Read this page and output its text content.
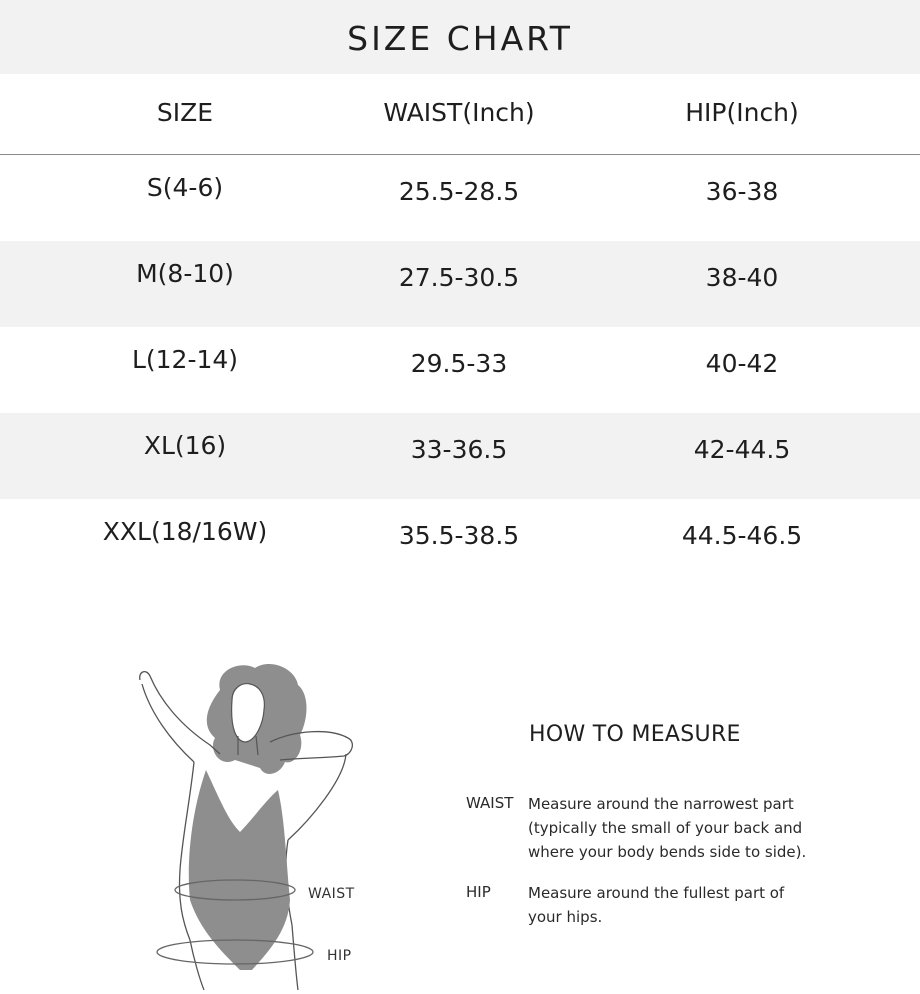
SIZE CHART
SIZE	WAIST(Inch)	HIP(Inch)
S(4-6)	25.5-28.5	36-38
M(8-10)	27.5-30.5	38-40
L(12-14)	29.5-33	40-42
XL(16)	33-36.5	42-44.5
XXL(18/16W)	35.5-38.5	44.5-46.5
WAIST
HIP
HOW TO MEASURE
WAIST Measure around the narrowest part
(typically the small of your back and
where your body bends side to side).
HIP Measure around the fullest part of
your hips.
